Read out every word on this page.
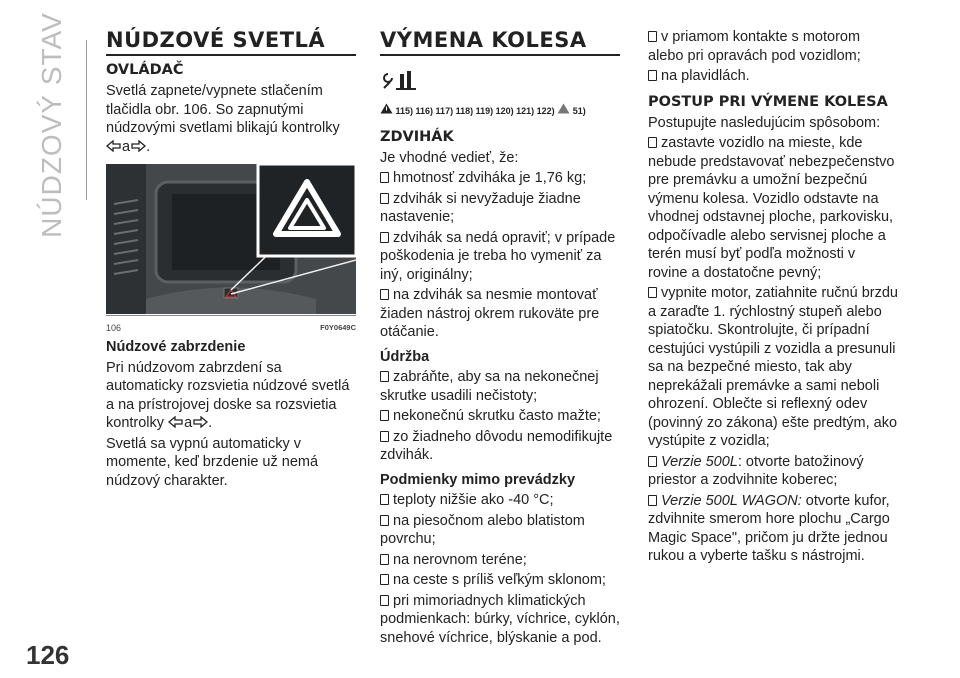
NÚDZOVÝ STAV
126
NÚDZOVÉ SVETLÁ
OVLÁDAČ

Svetlá zapnete/vypnete stlačením tlačidla obr. 106. So zapnutými núdzovými svetlami blikajú kontrolky a .

106	F0Y0649C
Núdzové zabrzdenie

Pri núdzovom zabrzdení sa automaticky rozsvietia núdzové svetlá a na prístrojovej doske sa rozsvietia kontrolky a .

Svetlá sa vypnú automaticky v momente, keď brzdenie už nemá núdzový charakter.

VÝMENA KOLESA
115) 116) 117) 118) 119) 120) 121) 122) 51)
ZDVIHÁK

Je vhodné vedieť, že:

hmotnosť zdviháka je 1,76 kg;

zdvihák si nevyžaduje žiadne nastavenie;

zdvihák sa nedá opraviť; v prípade poškodenia je treba ho vymeniť za iný, originálny;

na zdvihák sa nesmie montovať žiaden nástroj okrem rukoväte pre otáčanie.

Údržba

zabráňte, aby sa na nekonečnej skrutke usadili nečistoty;

nekonečnú skrutku často mažte;

zo žiadneho dôvodu nemodifikujte zdvihák.

Podmienky mimo prevádzky

teploty nižšie ako -40 °C;

na piesočnom alebo blatistom povrchu;

na nerovnom teréne;

na ceste s príliš veľkým sklonom;

pri mimoriadnych klimatických podmienkach: búrky, víchrice, cyklón, snehové víchrice, blýskanie a pod.

v priamom kontakte s motorom alebo pri opravách pod vozidlom;

na plavidlách.

POSTUP PRI VÝMENE KOLESA

Postupujte nasledujúcim spôsobom:

zastavte vozidlo na mieste, kde nebude predstavovať nebezpečenstvo pre premávku a umožní bezpečnú výmenu kolesa. Vozidlo odstavte na vhodnej odstavnej ploche, parkovisku, odpočívadle alebo servisnej ploche a terén musí byť podľa možnosti v rovine a dostatočne pevný;

vypnite motor, zatiahnite ručnú brzdu a zaraďte 1. rýchlostný stupeň alebo spiatočku. Skontrolujte, či prípadní cestujúci vystúpili z vozidla a presunuli sa na bezpečné miesto, tak aby neprekážali premávke a sami neboli ohrození. Oblečte si reflexný odev (povinný zo zákona) ešte predtým, ako vystúpite z vozidla;

Verzie 500L: otvorte batožinový priestor a zodvihnite koberec;

Verzie 500L WAGON: otvorte kufor, zdvihnite smerom hore plochu „Cargo Magic Space", pričom ju držte jednou rukou a vyberte tašku s nástrojmi.
